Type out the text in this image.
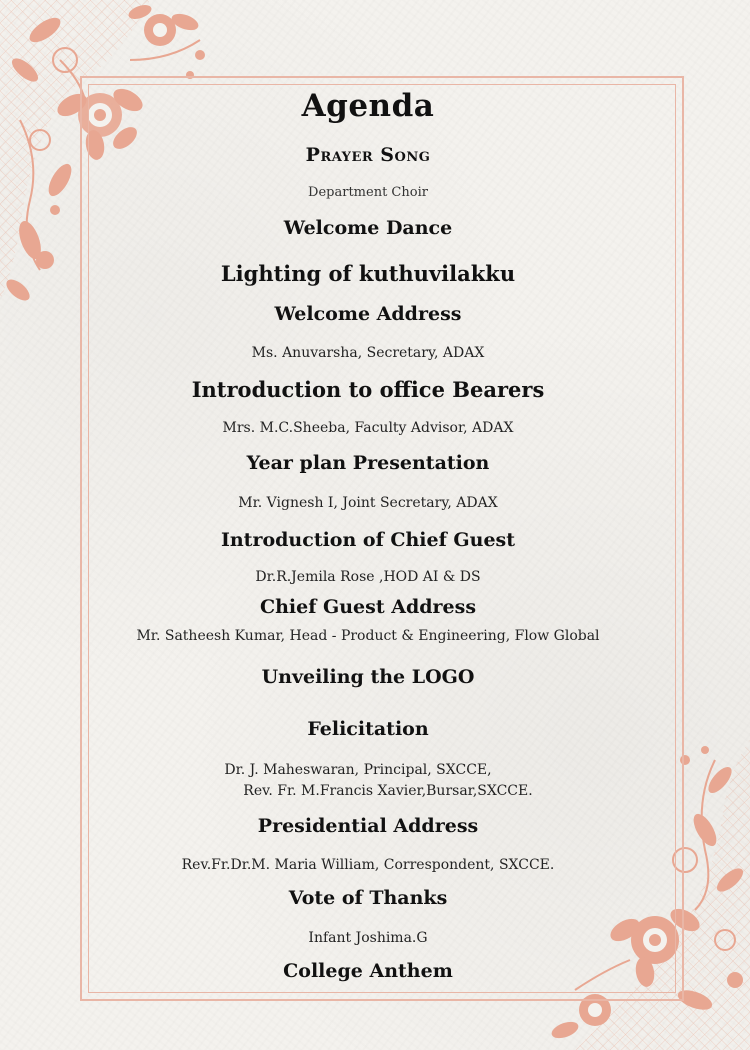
Agenda
Prayer Song
Department Choir
Welcome Dance
Lighting of kuthuvilakku
Welcome Address
Ms. Anuvarsha, Secretary, ADAX
Introduction to office Bearers
Mrs. M.C.Sheeba, Faculty Advisor, ADAX
Year plan Presentation
Mr. Vignesh I, Joint Secretary, ADAX
Introduction of Chief Guest
Dr.R.Jemila Rose ,HOD AI & DS
Chief Guest Address
Mr. Satheesh Kumar, Head - Product & Engineering, Flow Global
Unveiling the LOGO
Felicitation
Dr. J. Maheswaran, Principal, SXCCE,
Rev. Fr. M.Francis Xavier,Bursar,SXCCE.
Presidential Address
Rev.Fr.Dr.M. Maria William, Correspondent, SXCCE.
Vote of Thanks
Infant Joshima.G
College Anthem
